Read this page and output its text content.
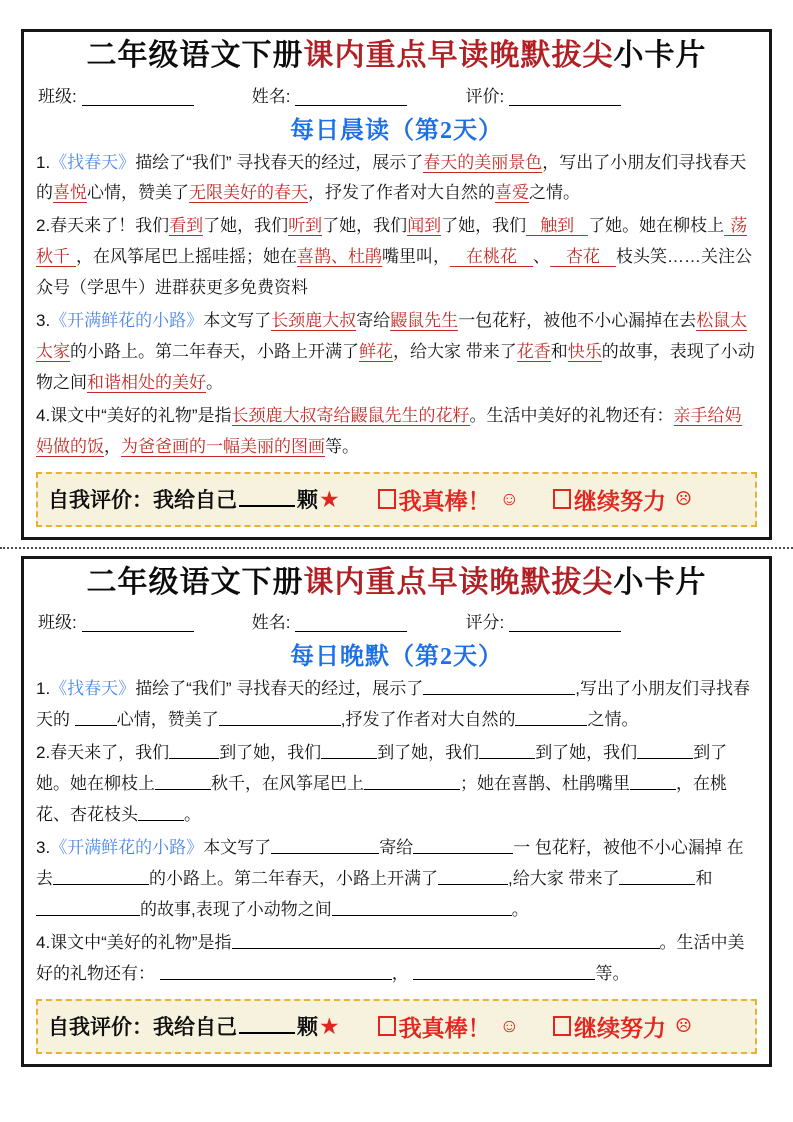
二年级语文下册课内重点早读晚默拔尖小卡片
班级:	姓名:	评价:
每日晨读（第2天）
1.《找春天》描绘了“我们” 寻找春天的经过，展示了春天的美丽景色，写出了小朋友们寻找春天的喜悦心情，赞美了无限美好的春天，抒发了作者对大自然的喜爱之情。
2.春天来了！我们看到了她，我们听到了她，我们闻到了她，我们 触到 了她。她在柳枝上 荡秋千 ，在风筝尾巴上摇哇摇；她在喜鹊、杜鹃嘴里叫， 在桃花 、 杏花 枝头笑……关注公众号（学思牛）进群获更多免费资料
3.《开满鲜花的小路》本文写了长颈鹿大叔寄给鼹鼠先生一包花籽，被他不小心漏掉在去松鼠太太家的小路上。第二年春天，小路上开满了鲜花，给大家 带来了花香和快乐的故事，表现了小动物之间和谐相处的美好。
4.课文中“美好的礼物”是指长颈鹿大叔寄给鼹鼠先生的花籽。生活中美好的礼物还有：亲手给妈妈做的饭，为爸爸画的一幅美丽的图画等。
自我评价：我给自己	颗 ★	我真棒！ ☺ 继续努力 ☹
二年级语文下册课内重点早读晚默拔尖小卡片
班级:	姓名:	评分:
每日晚默（第2天）
1.《找春天》描绘了“我们” 寻找春天的经过，展示了	,写出了小朋友们寻找春天的 心情，赞美了	,抒发了作者对大自然的	之情。
2.春天来了，我们	到了她，我们	到了她，我们	到了她，我们	到了她。她在柳枝上	秋千，在风筝尾巴上	；她在喜鹊、杜鹃嘴里	，在桃花、杏花枝头	。
3.《开满鲜花的小路》本文写了	寄给	一 包花籽，被他不小心漏掉 在去	的小路上。第二年春天，小路上开满了	,给大家 带来了	和的故事,表现了小动物之间	。
4.课文中“美好的礼物”是指	。生活中美好的礼物还有：	，	等。
自我评价：我给自己	颗 ★	我真棒！ ☺ 继续努力 ☹
